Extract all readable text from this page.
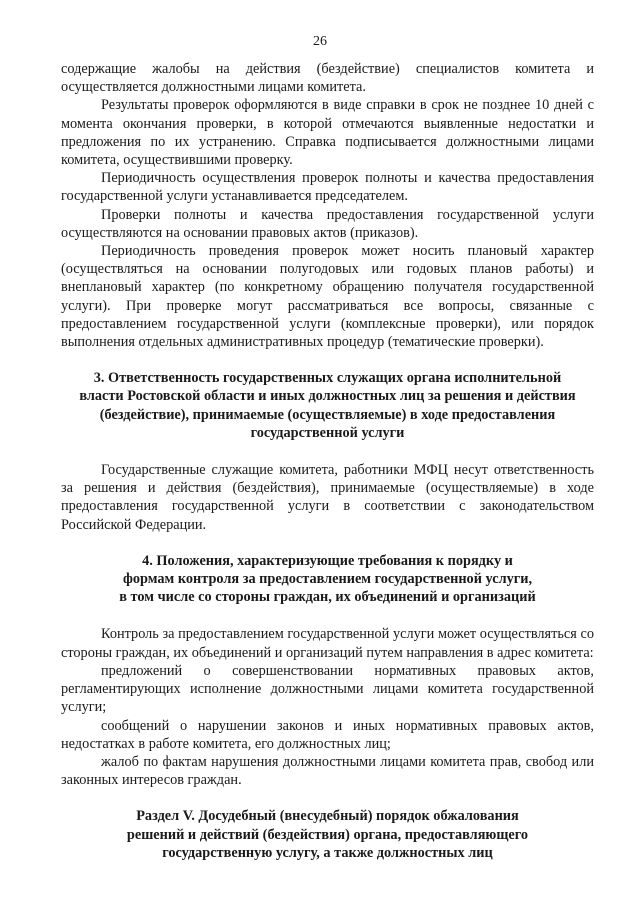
26

содержащие жалобы на действия (бездействие) специалистов комитета и осуществляется должностными лицами комитета.

Результаты проверок оформляются в виде справки в срок не позднее 10 дней с момента окончания проверки, в которой отмечаются выявленные недостатки и предложения по их устранению. Справка подписывается должностными лицами комитета, осуществившими проверку.

Периодичность осуществления проверок полноты и качества предоставления государственной услуги устанавливается председателем.

Проверки полноты и качества предоставления государственной услуги осуществляются на основании правовых актов (приказов).

Периодичность проведения проверок может носить плановый характер (осуществляться на основании полугодовых или годовых планов работы) и внеплановый характер (по конкретному обращению получателя государственной услуги). При проверке могут рассматриваться все вопросы, связанные с предоставлением государственной услуги (комплексные проверки), или порядок выполнения отдельных административных процедур (тематические проверки).

3. Ответственность государственных служащих органа исполнительной
власти Ростовской области и иных должностных лиц за решения и действия
(бездействие), принимаемые (осуществляемые) в ходе предоставления
государственной услуги

Государственные служащие комитета, работники МФЦ несут ответственность за решения и действия (бездействия), принимаемые (осуществляемые) в ходе предоставления государственной услуги в соответствии с законодательством Российской Федерации.

4. Положения, характеризующие требования к порядку и
формам контроля за предоставлением государственной услуги,
в том числе со стороны граждан, их объединений и организаций

Контроль за предоставлением государственной услуги может осуществляться со стороны граждан, их объединений и организаций путем направления в адрес комитета:

предложений о совершенствовании нормативных правовых актов, регламентирующих исполнение должностными лицами комитета государственной услуги;

сообщений о нарушении законов и иных нормативных правовых актов, недостатках в работе комитета, его должностных лиц;

жалоб по фактам нарушения должностными лицами комитета прав, свобод или законных интересов граждан.

Раздел V. Досудебный (внесудебный) порядок обжалования
решений и действий (бездействия) органа, предоставляющего
государственную услугу, а также должностных лиц
